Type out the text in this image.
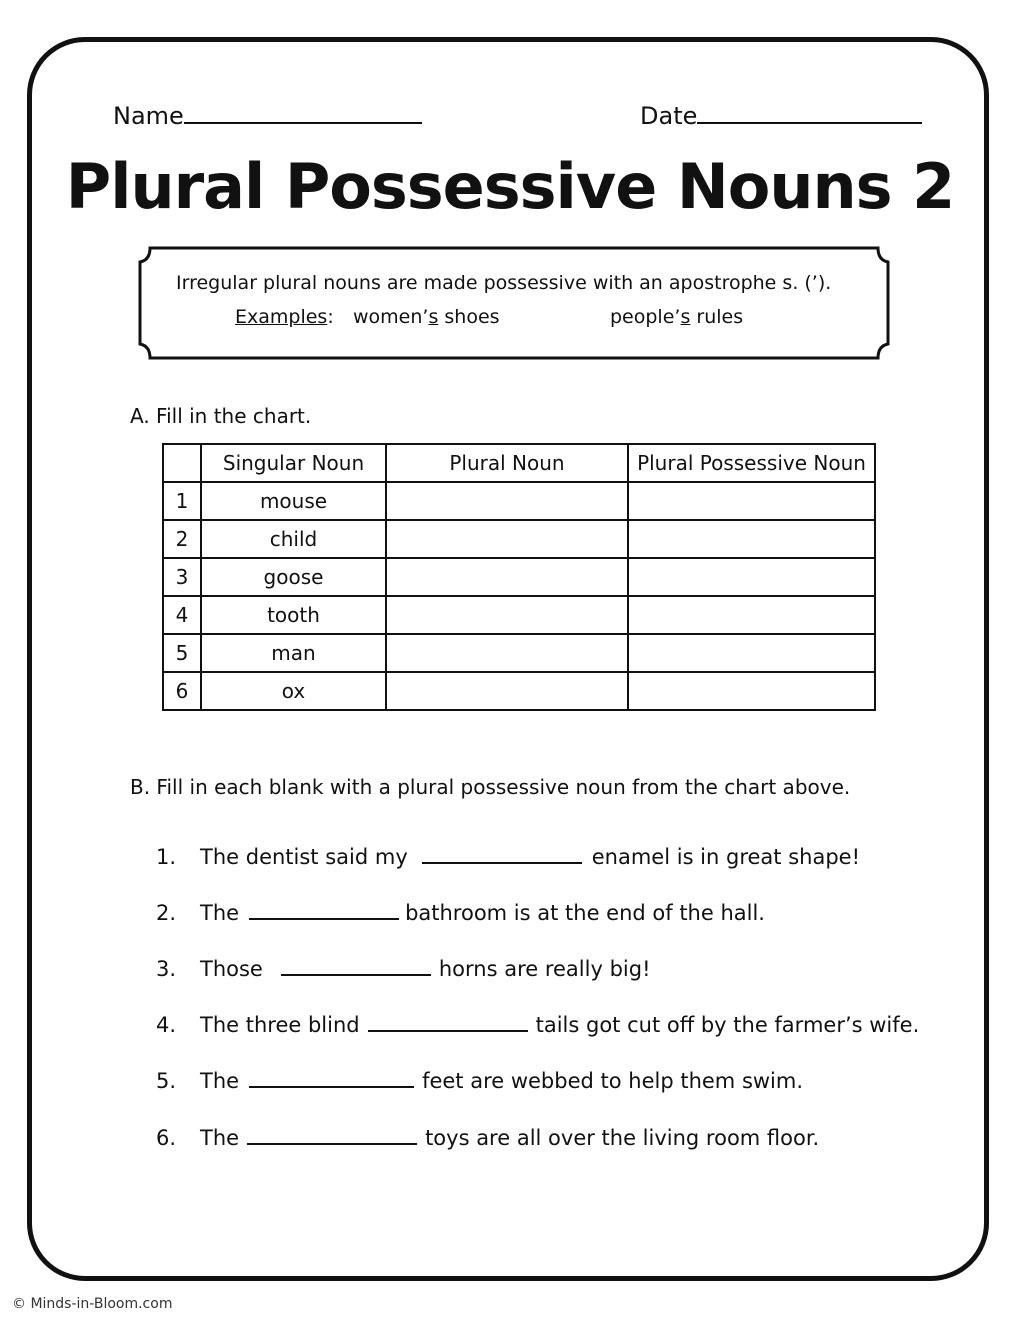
Name	Date
Plural Possessive Nouns 2
Irregular plural nouns are made possessive with an apostrophe s. (’).
Examples: women’s shoes	people’s rules
A. Fill in the chart.
	Singular Noun	Plural Noun	Plural Possessive Noun
1	mouse		
2	child		
3	goose		
4	tooth		
5	man		
6	ox		
B. Fill in each blank with a plural possessive noun from the chart above.
1. The dentist said my	enamel is in great shape!
2. The	bathroom is at the end of the hall.
3. Those	horns are really big!
4. The three blind	tails got cut off by the farmer’s wife.
5. The	feet are webbed to help them swim.
6. The	toys are all over the living room floor.
© Minds-in-Bloom.com
